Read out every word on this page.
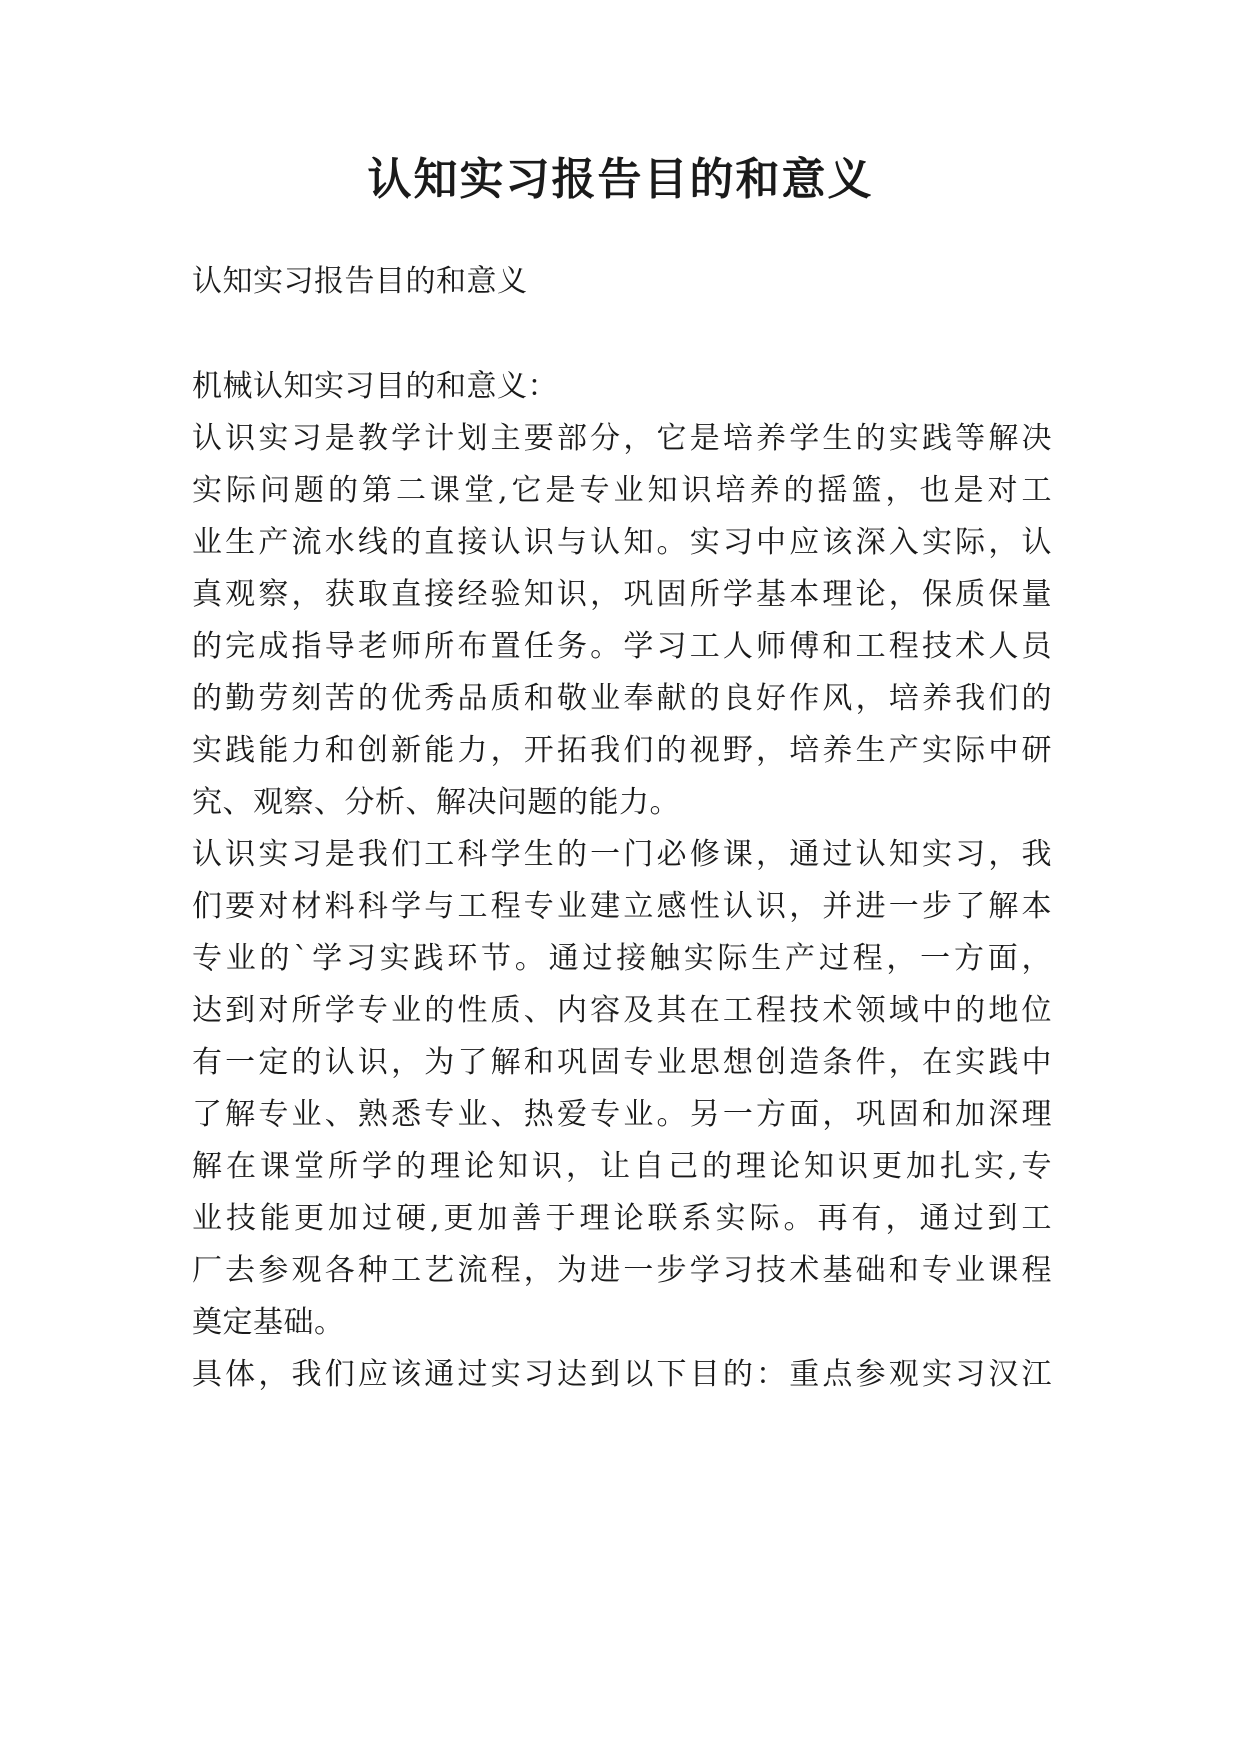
认知实习报告目的和意义

认知实习报告目的和意义

机械认知实习目的和意义：

认识实习是教学计划主要部分，它是培养学生的实践等解决

实际问题的第二课堂,它是专业知识培养的摇篮，也是对工

业生产流水线的直接认识与认知。实习中应该深入实际，认

真观察，获取直接经验知识，巩固所学基本理论，保质保量

的完成指导老师所布置任务。学习工人师傅和工程技术人员

的勤劳刻苦的优秀品质和敬业奉献的良好作风，培养我们的

实践能力和创新能力，开拓我们的视野，培养生产实际中研

究、观察、分析、解决问题的能力。

认识实习是我们工科学生的一门必修课，通过认知实习，我

们要对材料科学与工程专业建立感性认识，并进一步了解本

专业的`学习实践环节。通过接触实际生产过程，一方面，

达到对所学专业的性质、内容及其在工程技术领域中的地位

有一定的认识，为了解和巩固专业思想创造条件，在实践中

了解专业、熟悉专业、热爱专业。另一方面，巩固和加深理

解在课堂所学的理论知识，让自己的理论知识更加扎实,专

业技能更加过硬,更加善于理论联系实际。再有，通过到工

厂去参观各种工艺流程，为进一步学习技术基础和专业课程

奠定基础。

具体，我们应该通过实习达到以下目的：重点参观实习汉江
